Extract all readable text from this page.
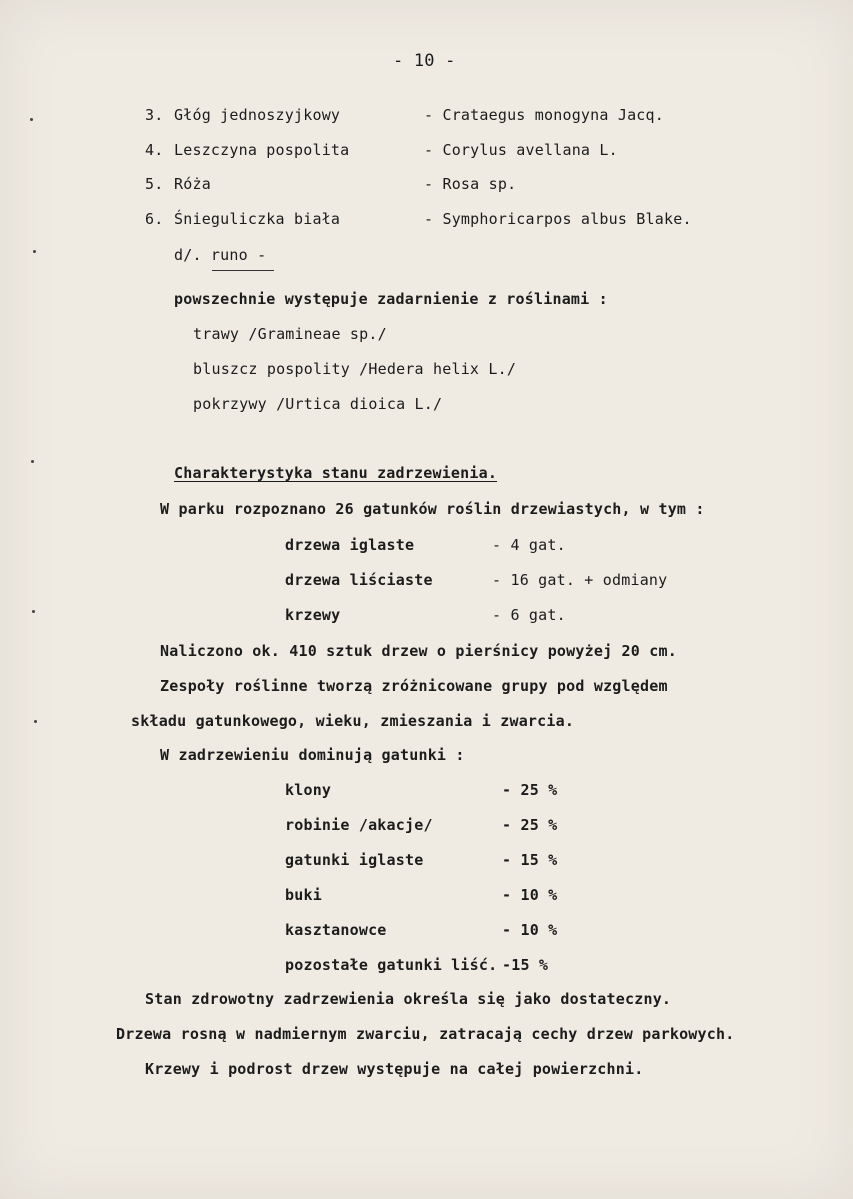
- 10 -
3. Głóg jednoszyjkowy	- Crataegus monogyna Jacq.
4. Leszczyna pospolita	- Corylus avellana L.
5. Róża	- Rosa sp.
6. Śnieguliczka biała	- Symphoricarpos albus Blake.
d/. runo -
powszechnie występuje zadarnienie z roślinami :
trawy /Gramineae sp./
bluszcz pospolity /Hedera helix L./
pokrzywy /Urtica dioica L./
Charakterystyka stanu zadrzewienia.
W parku rozpoznano 26 gatunków roślin drzewiastych, w tym :
drzewa iglaste	- 4 gat.
drzewa liściaste	- 16 gat. + odmiany
krzewy	- 6 gat.
Naliczono ok. 410 sztuk drzew o pierśnicy powyżej 20 cm.
Zespoły roślinne tworzą zróżnicowane grupy pod względem
składu gatunkowego, wieku, zmieszania i zwarcia.
W zadrzewieniu dominują gatunki :
klony	- 25 %
robinie /akacje/	- 25 %
gatunki iglaste	- 15 %
buki	- 10 %
kasztanowce	- 10 %
pozostałe gatunki liść. -15 %
Stan zdrowotny zadrzewienia określa się jako dostateczny.
Drzewa rosną w nadmiernym zwarciu, zatracają cechy drzew parkowych.
Krzewy i podrost drzew występuje na całej powierzchni.
